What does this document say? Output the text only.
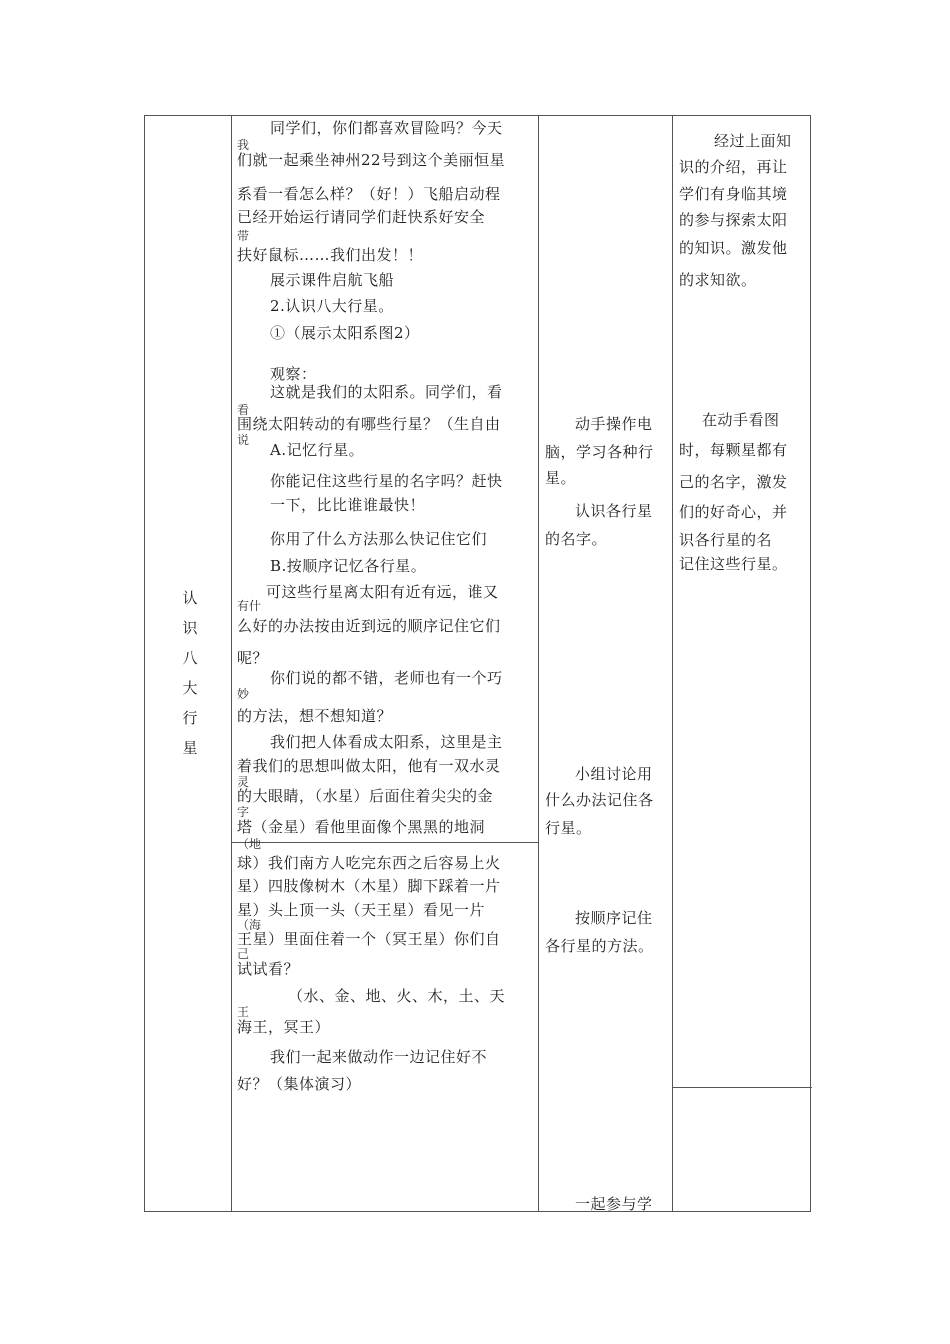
认识八大行星
同学们，你们都喜欢冒险吗？今天
我
们就一起乘坐神州22号到这个美丽恒星
系看一看怎么样？（好！）飞船启动程
已经开始运行请同学们赶快系好安全
带
扶好鼠标……我们出发！！
展示课件启航飞船
2.认识八大行星。
①（展示太阳系图2）
观察：
这就是我们的太阳系。同学们，看
看
围绕太阳转动的有哪些行星？（生自由
说
A.记忆行星。
你能记住这些行星的名字吗？赶快
一下，比比谁谁最快！
你用了什么方法那么快记住它们
B.按顺序记忆各行星。
可这些行星离太阳有近有远，谁又
有什
么好的办法按由近到远的顺序记住它们
呢？
你们说的都不错，老师也有一个巧
妙
的方法，想不想知道？
我们把人体看成太阳系，这里是主
着我们的思想叫做太阳，他有一双水灵
灵
的大眼睛，（水星）后面住着尖尖的金
字
塔（金星）看他里面像个黑黑的地洞
（地
球）我们南方人吃完东西之后容易上火
星）四肢像树木（木星）脚下踩着一片
星）头上顶一头（天王星）看见一片
（海
王星）里面住着一个（冥王星）你们自
己
试试看？
（水、金、地、火、木，土、天
王
海王，冥王）
我们一起来做动作一边记住好不
好？（集体演习）
动手操作电
脑，学习各种行
星。
认识各行星
的名字。
小组讨论用
什么办法记住各
行星。
按顺序记住
各行星的方法。
一起参与学
经过上面知
识的介绍，再让
学们有身临其境
的参与探索太阳
的知识。激发他
的求知欲。
在动手看图
时，每颗星都有
己的名字，激发
们的好奇心，并
识各行星的名
记住这些行星。
